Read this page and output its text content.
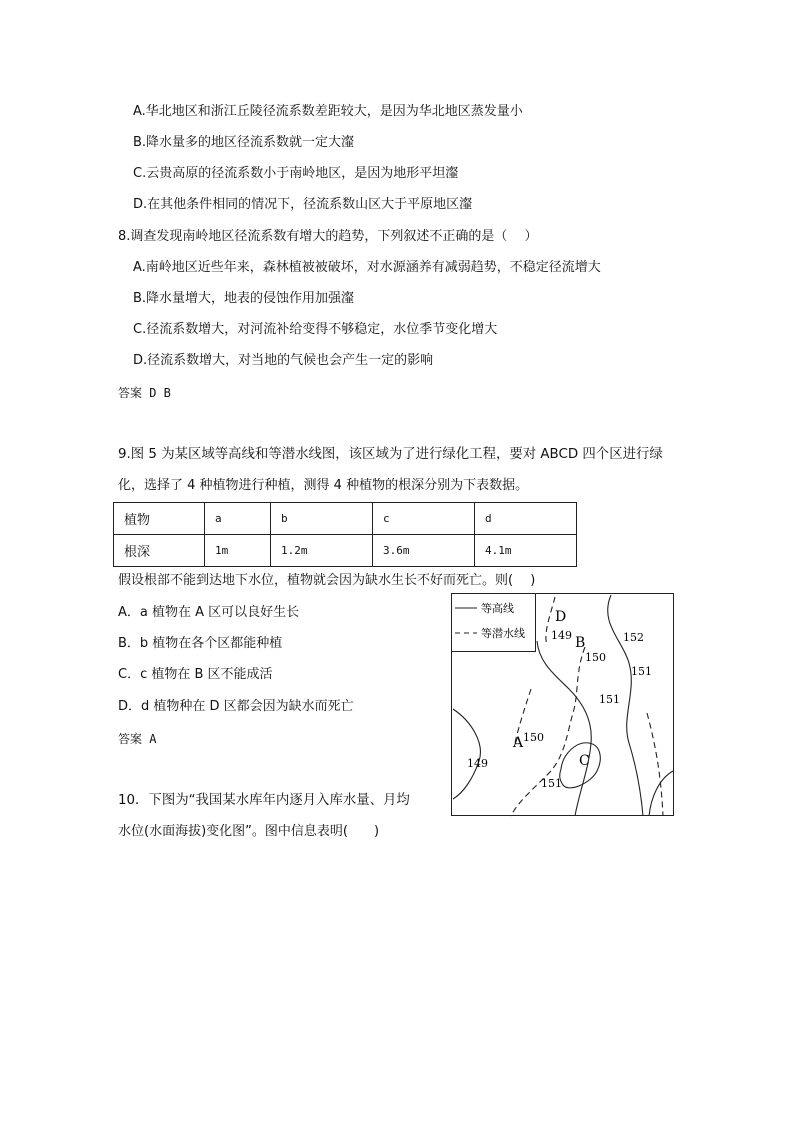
A.华北地区和浙江丘陵径流系数差距较大，是因为华北地区蒸发量小
B.降水量多的地区径流系数就一定大瀣
C.云贵高原的径流系数小于南岭地区，是因为地形平坦瀣
D.在其他条件相同的情况下，径流系数山区大于平原地区瀣
8.调查发现南岭地区径流系数有增大的趋势，下列叙述不正确的是（　 ）
A.南岭地区近些年来，森林植被被破坏，对水源涵养有减弱趋势，不稳定径流增大
B.降水量增大，地表的侵蚀作用加强瀣
C.径流系数增大，对河流补给变得不够稳定，水位季节变化增大
D.径流系数增大，对当地的气候也会产生一定的影响
答案 D B
9.图 5 为某区域等高线和等潜水线图，该区域为了进行绿化工程，要对 ABCD 四个区进行绿
化，选择了 4 种植物进行种植，测得 4 种植物的根深分别为下表数据。
植物	a	b	c	d
根深	1m	1.2m	3.6m	4.1m
假设根部不能到达地下水位，植物就会因为缺水生长不好而死亡。则(　 )
A．a 植物在 A 区可以良好生长
B．b 植物在各个区都能种植
C．c 植物在 B 区不能成活
D．d 植物种在 D 区都会因为缺水而死亡
答案 A
等高线
等潜水线
D
B
A
C
149
150
151
152
151
150
149
151
10．下图为“我国某水库年内逐月入库水量、月均
水位(水面海拔)变化图”。图中信息表明(　　)
